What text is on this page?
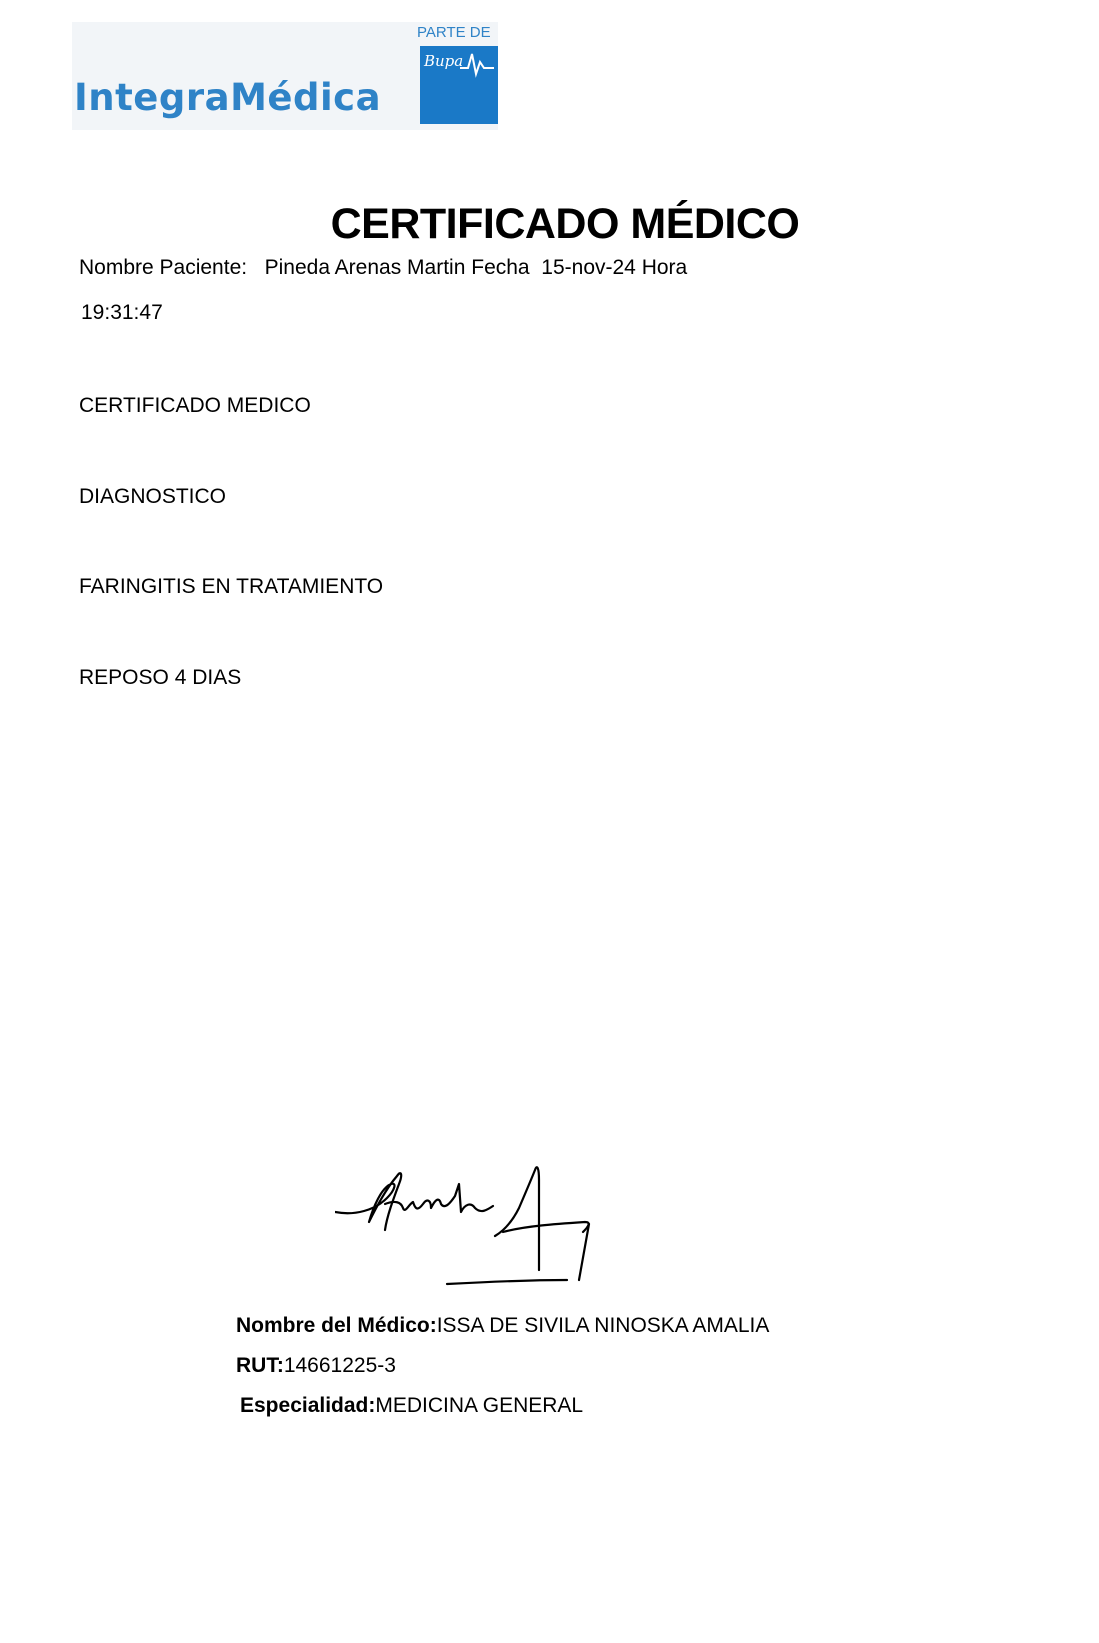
IntegraMédica
PARTE DE
Bupa
CERTIFICADO MÉDICO
Nombre Paciente: Pineda Arenas Martin Fecha 15-nov-24 Hora
19:31:47
CERTIFICADO MEDICO
DIAGNOSTICO
FARINGITIS EN TRATAMIENTO
REPOSO 4 DIAS
Nombre del Médico:ISSA DE SIVILA NINOSKA AMALIA
RUT:14661225-3
Especialidad:MEDICINA GENERAL
